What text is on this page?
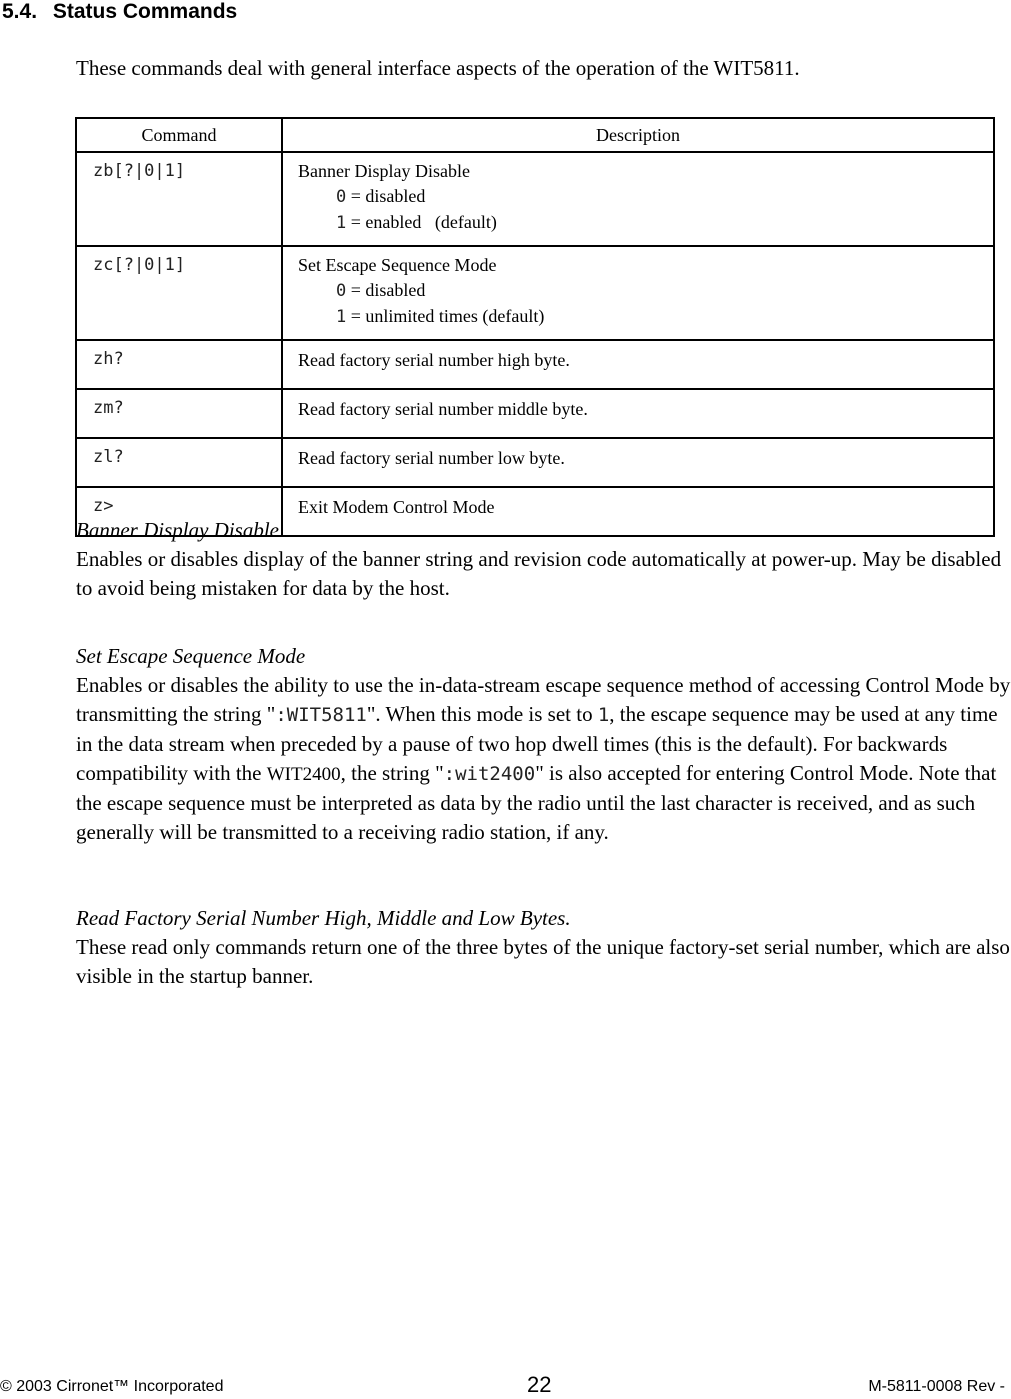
5.4. Status Commands
These commands deal with general interface aspects of the operation of the WIT5811.
Command	Description
zb[?|0|1]	Banner Display Disable
0 = disabled
1 = enabled   (default)

zc[?|0|1]	Set Escape Sequence Mode
0 = disabled
1 = unlimited times (default)

zh?	Read factory serial number high byte.
zm?	Read factory serial number middle byte.
zl?	Read factory serial number low byte.
z>	Exit Modem Control Mode
Banner Display Disable
Enables or disables display of the banner string and revision code automatically at power-up. May be disabled to avoid being mistaken for data by the host.
Set Escape Sequence Mode
Enables or disables the ability to use the in-data-stream escape sequence method of accessing Control Mode by transmitting the string ":WIT5811". When this mode is set to 1, the escape sequence may be used at any time in the data stream when preceded by a pause of two hop dwell times (this is the default). For backwards compatibility with the WIT2400, the string ":wit2400" is also accepted for entering Control Mode. Note that the escape sequence must be interpreted as data by the radio until the last character is received, and as such generally will be transmitted to a receiving radio station, if any.
Read Factory Serial Number High, Middle and Low Bytes.
These read only commands return one of the three bytes of the unique factory-set serial number, which are also visible in the startup banner.
© 2003 Cirronet™ Incorporated	22	M-5811-0008 Rev -
